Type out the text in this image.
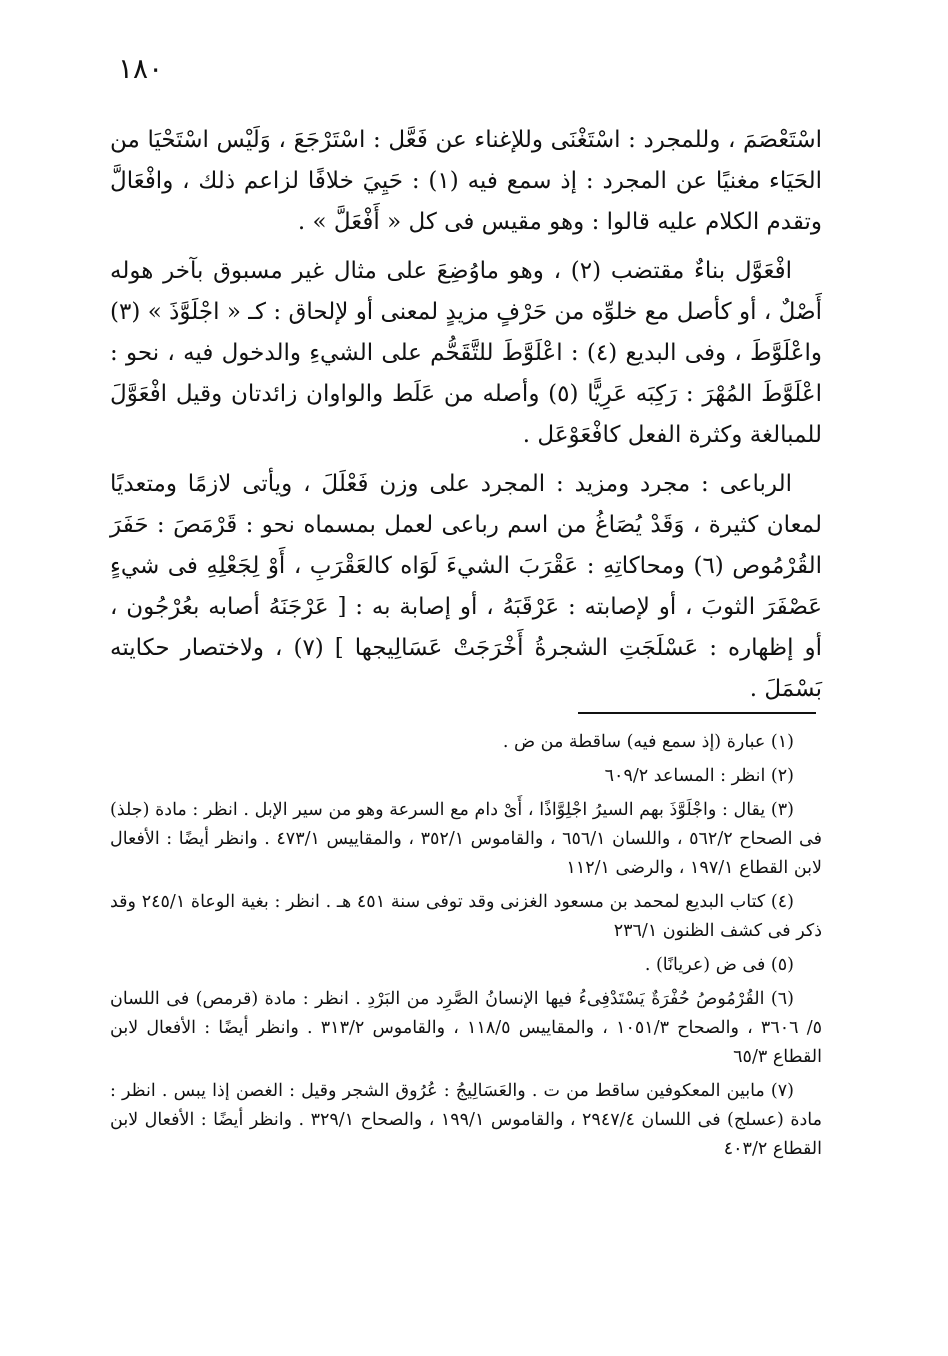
١٨٠

اسْتَعْصَمَ ، وللمجرد : اسْتَغْنَى وللإغناء عن فَعَّل : اسْتَرْجَعَ ، وَلَيْس اسْتَحْيَا من الحَيَاء مغنيًا عن المجرد : إذ سمع فيه (١) : حَيِيَ خلافًا لزاعم ذلك ، وافْعَالَّ وتقدم الكلام عليه قالوا : وهو مقيس فى كل « أَفْعَلَّ » .

افْعَوَّل بناءٌ مقتضب (٢) ، وهو ماوُضِعَ على مثال غير مسبوق بآخر هوله أَصْلٌ ، أو كأصل مع خلوِّه من حَرْفٍ مزيدٍ لمعنى أو لإلحاق : كـ « اجْلَوَّذَ » (٣) واعْلَوَّطَ ، وفى البديع (٤) : اعْلَوَّطَ للتَّقَحُّم على الشيءِ والدخول فيه ، نحو : اعْلَوَّطَ المُهْرَ : رَكِبَه عَرِيًّا (٥) وأصله من عَلَط والواوان زائدتان وقيل افْعَوَّلَ للمبالغة وكثرة الفعل كافْعَوْعَل .

الرباعى : مجرد ومزيد : المجرد على وزن فَعْلَلَ ، ويأتى لازمًا ومتعديًا لمعان كثيرة ، وَقَدْ يُصَاغُ من اسم رباعى لعمل بمسماه نحو : قَرْمَصَ : حَفَرَ القُرْمُوص (٦) ومحاكاتِهِ : عَقْرَبَ الشيءَ لَوَاه كالعَقْرَبِ ، أَوْ لِجَعْلِهِ فى شيءٍ عَصْفَرَ الثوبَ ، أو لإصابته : عَرْقَبَهُ ، أو إصابة به : [ عَرْجَنَهُ أصابه بعُرْجُون ، أو إظهاره : عَسْلَجَتِ الشجرةُ أَخْرَجَتْ عَسَالِيجها ] (٧) ، ولاختصار حكايته بَسْمَلَ .

(١) عبارة (إذ سمع فيه) ساقطة من ض .

(٢) انظر : المساعد ٦٠٩/٢

(٣) يقال : واجْلَوَّذَ بهم السيرُ اجْلِوَّاذًا ، أَىْ دام مع السرعة وهو من سير الإبل . انظر : مادة (جلذ) فى الصحاح ٥٦٢/٢ ، واللسان ٦٥٦/١ ، والقاموس ٣٥٢/١ ، والمقاييس ٤٧٣/١ . وانظر أيضًا : الأفعال لابن القطاع ١٩٧/١ ، والرضى ١١٢/١

(٤) كتاب البديع لمحمد بن مسعود الغزنى وقد توفى سنة ٤٥١ هـ . انظر : بغية الوعاة ٢٤٥/١ وقد ذكر فى كشف الظنون ٢٣٦/١

(٥) فى ض (عريانًا) .

(٦) القُرْمُوصُ حُفْرَةٌ يَسْتَدْفِىءُ فيها الإنسانُ الصَّرِد من البَرْدِ . انظر : مادة (قرمص) فى اللسان ٥/ ٣٦٠٦ ، والصحاح ١٠٥١/٣ ، والمقاييس ١١٨/٥ ، والقاموس ٣١٣/٢ . وانظر أيضًا : الأفعال لابن القطاع ٦٥/٣

(٧) مابين المعكوفين ساقط من ت . والعَسَالِيجُ : عُرُوق الشجر وقيل : الغصن إذا يبس . انظر : مادة (عسلج) فى اللسان ٢٩٤٧/٤ ، والقاموس ١٩٩/١ ، والصحاح ٣٢٩/١ . وانظر أيضًا : الأفعال لابن القطاع ٤٠٣/٢
